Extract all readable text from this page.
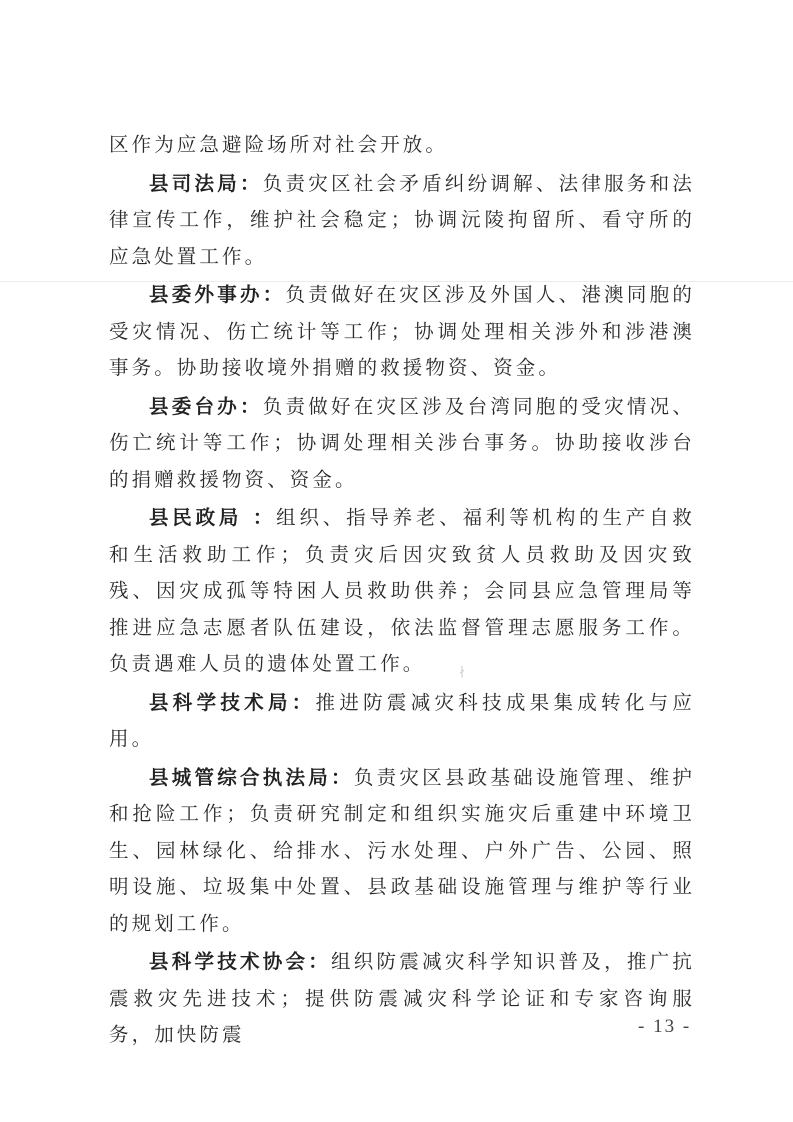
∤

区作为应急避险场所对社会开放。

县司法局：负责灾区社会矛盾纠纷调解、法律服务和法律宣传工作，维护社会稳定；协调沅陵拘留所、看守所的应急处置工作。

县委外事办：负责做好在灾区涉及外国人、港澳同胞的受灾情况、伤亡统计等工作；协调处理相关涉外和涉港澳事务。协助接收境外捐赠的救援物资、资金。

县委台办：负责做好在灾区涉及台湾同胞的受灾情况、伤亡统计等工作；协调处理相关涉台事务。协助接收涉台的捐赠救援物资、资金。

县民政局 ：组织、指导养老、福利等机构的生产自救和生活救助工作；负责灾后因灾致贫人员救助及因灾致残、因灾成孤等特困人员救助供养；会同县应急管理局等推进应急志愿者队伍建设，依法监督管理志愿服务工作。负责遇难人员的遗体处置工作。

县科学技术局：推进防震减灾科技成果集成转化与应用。

县城管综合执法局：负责灾区县政基础设施管理、维护和抢险工作；负责研究制定和组织实施灾后重建中环境卫生、园林绿化、给排水、污水处理、户外广告、公园、照明设施、垃圾集中处置、县政基础设施管理与维护等行业的规划工作。

县科学技术协会：组织防震减灾科学知识普及，推广抗震救灾先进技术；提供防震减灾科学论证和专家咨询服务，加快防震	- 13 -
